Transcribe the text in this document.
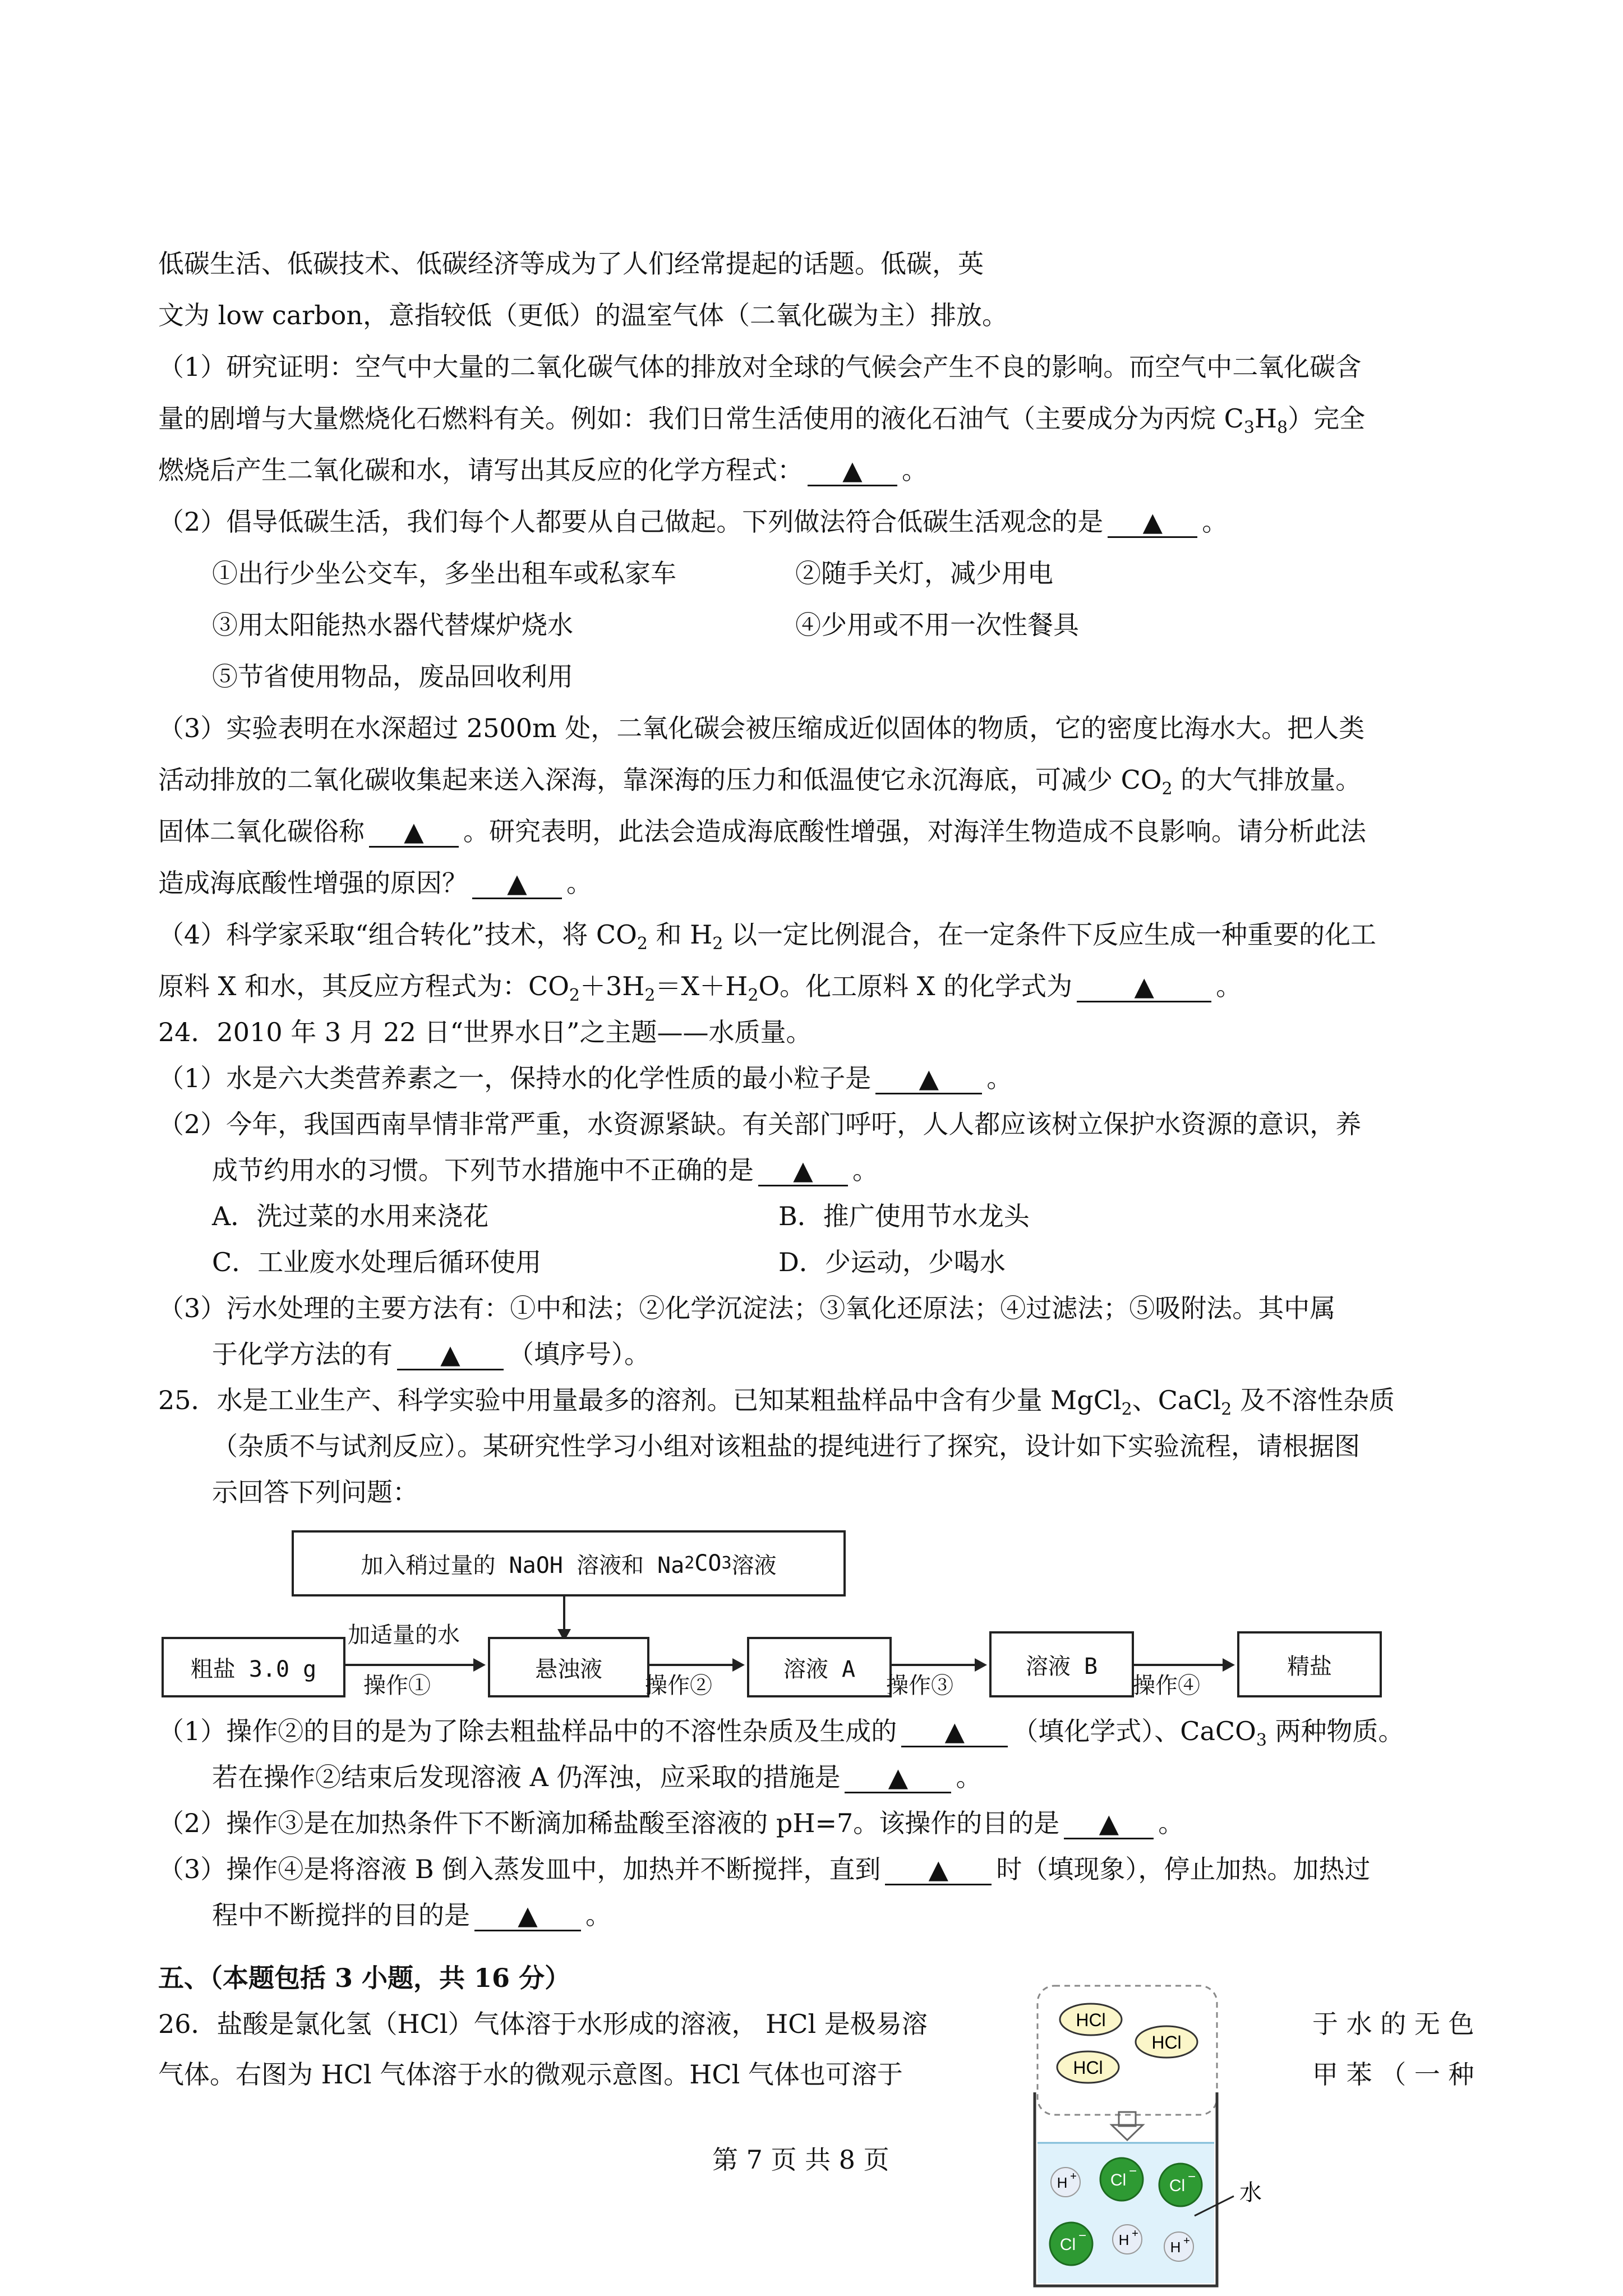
低碳生活、低碳技术、低碳经济等成为了人们经常提起的话题。低碳，英
文为 low carbon，意指较低（更低）的温室气体（二氧化碳为主）排放。
（1）研究证明：空气中大量的二氧化碳气体的排放对全球的气候会产生不良的影响。而空气中二氧化碳含
量的剧增与大量燃烧化石燃料有关。例如：我们日常生活使用的液化石油气（主要成分为丙烷 $C_3H_8$）完全
燃烧后产生二氧化碳和水，请写出其反应的化学方程式： ▲ 。
（2）倡导低碳生活，我们每个人都要从自己做起。下列做法符合低碳生活观念的是 ▲ 。
①出行少坐公交车，多坐出租车或私家车	②随手关灯，减少用电
③用太阳能热水器代替煤炉烧水	④少用或不用一次性餐具
⑤节省使用物品，废品回收利用
（3）实验表明在水深超过 2500m 处，二氧化碳会被压缩成近似固体的物质，它的密度比海水大。把人类
活动排放的二氧化碳收集起来送入深海，靠深海的压力和低温使它永沉海底，可减少 $CO_2$ 的大气排放量。
固体二氧化碳俗称 ▲ 。研究表明，此法会造成海底酸性增强，对海洋生物造成不良影响。请分析此法
造成海底酸性增强的原因？ ▲ 。
（4）科学家采取“组合转化”技术，将 $CO_2$ 和 $H_2$ 以一定比例混合，在一定条件下反应生成一种重要的化工
原料 X 和水，其反应方程式为：$CO_2+3H_2=X+H_2O$。化工原料 X 的化学式为 ▲ 。
24．2010 年 3 月 22 日“世界水日”之主题——水质量。
（1）水是六大类营养素之一，保持水的化学性质的最小粒子是 ▲ 。
（2）今年，我国西南旱情非常严重，水资源紧缺。有关部门呼吁，人人都应该树立保护水资源的意识，养
成节约用水的习惯。下列节水措施中不正确的是 ▲ 。
A．洗过菜的水用来浇花	B．推广使用节水龙头
C．工业废水处理后循环使用	D．少运动，少喝水
（3）污水处理的主要方法有：①中和法；②化学沉淀法；③氧化还原法；④过滤法；⑤吸附法。其中属
于化学方法的有 ▲ （填序号）。
25．水是工业生产、科学实验中用量最多的溶剂。已知某粗盐样品中含有少量 MgCl$_2$、CaCl$_2$ 及不溶性杂质
（杂质不与试剂反应）。某研究性学习小组对该粗盐的提纯进行了探究，设计如下实验流程，请根据图
示回答下列问题：
加入稍过量的 NaOH 溶液和 Na 2 CO 3 溶液
粗盐 3.0 g
加适量的水
操作①
悬浊液
操作②
溶液 A
操作③
溶液 B
操作④
精盐
（1）操作②的目的是为了除去粗盐样品中的不溶性杂质及生成的 ▲ （填化学式）、CaCO$_3$ 两种物质。
若在操作②结束后发现溶液 A 仍浑浊，应采取的措施是 ▲ 。
（2）操作③是在加热条件下不断滴加稀盐酸至溶液的 pH=7。该操作的目的是 ▲ 。
（3）操作④是将溶液 B 倒入蒸发皿中，加热并不断搅拌，直到 ▲ 时（填现象），停止加热。加热过
程中不断搅拌的目的是 ▲ 。
五、（本题包括 3 小题，共 16 分）
26．盐酸是氯化氢（HCl）气体溶于水形成的溶液， HCl 是极易溶	于 水 的 无 色
气体。右图为 HCl 气体溶于水的微观示意图。HCl 气体也可溶于	甲 苯 （ 一 种
HCl
HCl
HCl
H + Cl −
Cl −
Cl − H +
H +
水
第 7 页 共 8 页
